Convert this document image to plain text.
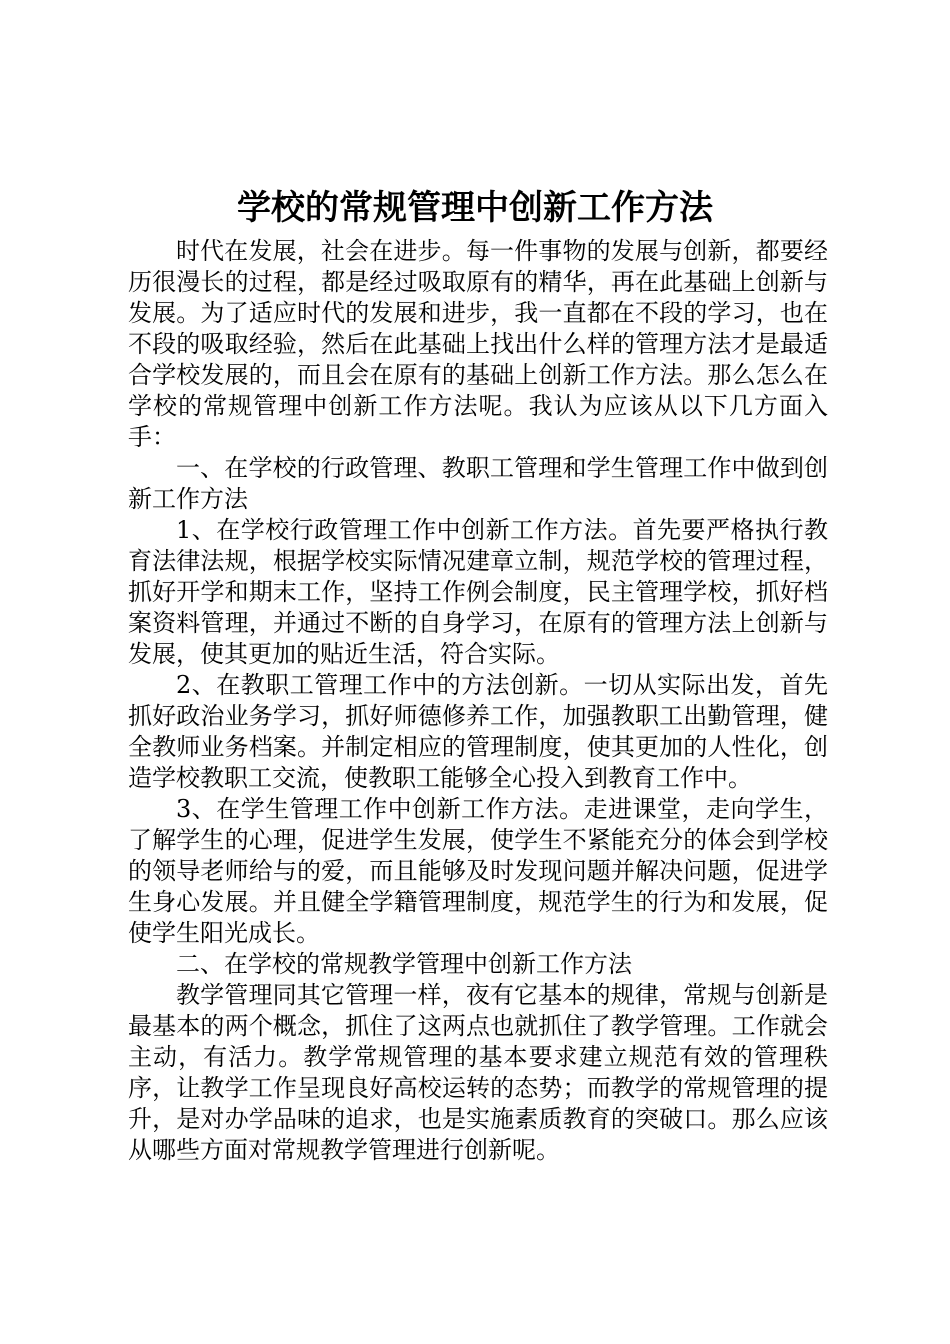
学校的常规管理中创新工作方法

时代在发展，社会在进步。每一件事物的发展与创新，都要经历很漫长的过程，都是经过吸取原有的精华，再在此基础上创新与发展。为了适应时代的发展和进步，我一直都在不段的学习，也在不段的吸取经验，然后在此基础上找出什么样的管理方法才是最适合学校发展的，而且会在原有的基础上创新工作方法。那么怎么在学校的常规管理中创新工作方法呢。我认为应该从以下几方面入手：

一、在学校的行政管理、教职工管理和学生管理工作中做到创新工作方法

1、在学校行政管理工作中创新工作方法。首先要严格执行教育法律法规，根据学校实际情况建章立制，规范学校的管理过程，抓好开学和期末工作，坚持工作例会制度，民主管理学校，抓好档案资料管理，并通过不断的自身学习，在原有的管理方法上创新与发展，使其更加的贴近生活，符合实际。

2、在教职工管理工作中的方法创新。一切从实际出发，首先抓好政治业务学习，抓好师德修养工作，加强教职工出勤管理，健全教师业务档案。并制定相应的管理制度，使其更加的人性化，创造学校教职工交流，使教职工能够全心投入到教育工作中。

3、在学生管理工作中创新工作方法。走进课堂，走向学生，了解学生的心理，促进学生发展，使学生不紧能充分的体会到学校的领导老师给与的爱，而且能够及时发现问题并解决问题，促进学生身心发展。并且健全学籍管理制度，规范学生的行为和发展，促使学生阳光成长。

二、在学校的常规教学管理中创新工作方法

教学管理同其它管理一样，夜有它基本的规律，常规与创新是最基本的两个概念，抓住了这两点也就抓住了教学管理。工作就会主动，有活力。教学常规管理的基本要求建立规范有效的管理秩序，让教学工作呈现良好高校运转的态势；而教学的常规管理的提升，是对办学品味的追求，也是实施素质教育的突破口。那么应该从哪些方面对常规教学管理进行创新呢。
